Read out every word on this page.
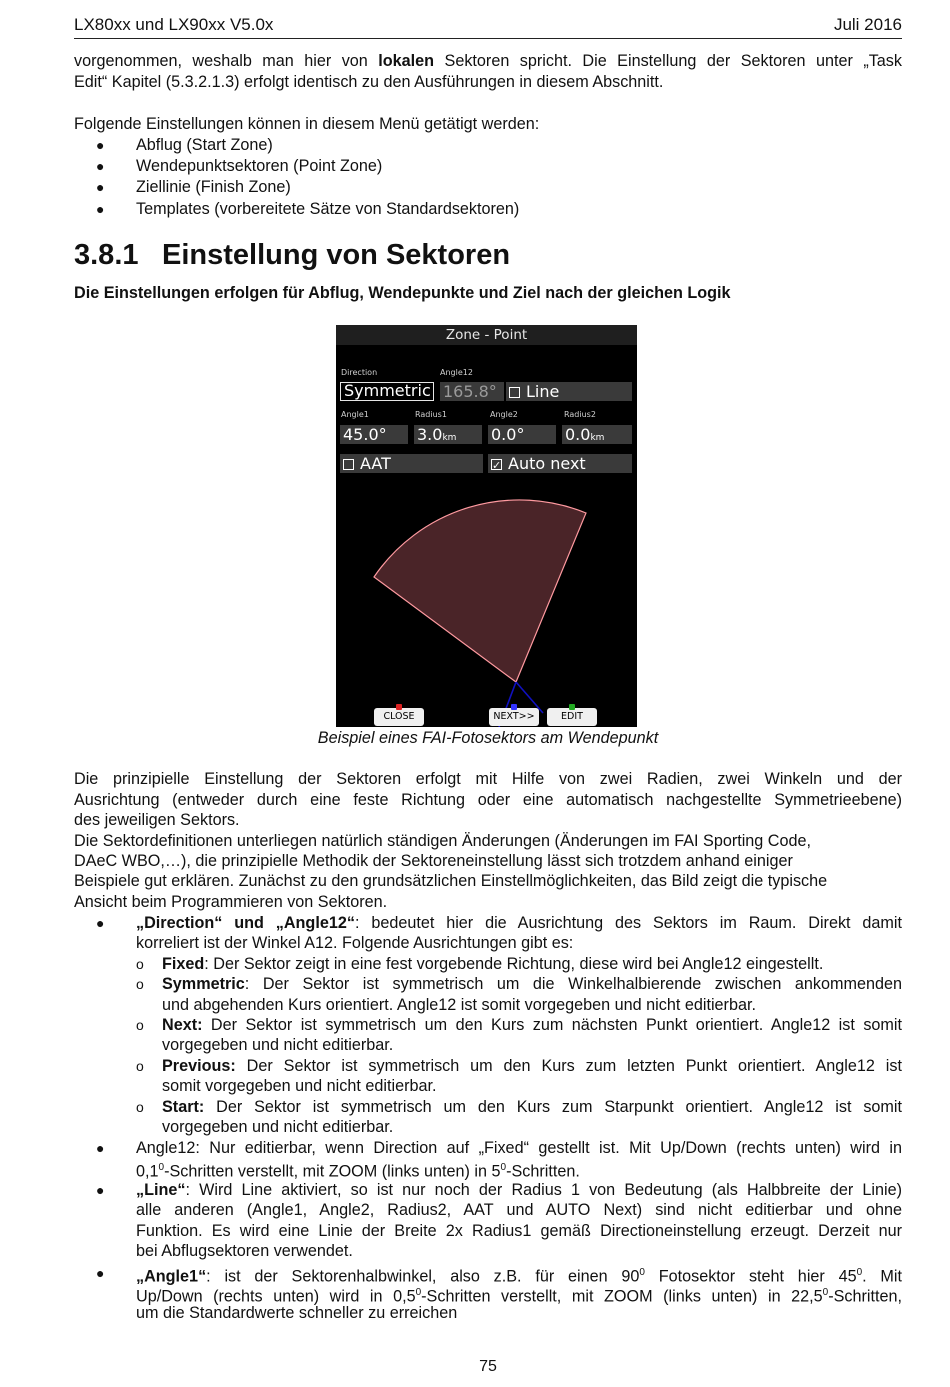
LX80xx und LX90xx V5.0x	Juli 2016

vorgenommen, weshalb man hier von lokalen Sektoren spricht. Die Einstellung der Sektoren unter „Task

Edit“ Kapitel (5.3.2.1.3) erfolgt identisch zu den Ausführungen in diesem Abschnitt.

Folgende Einstellungen können in diesem Menü getätigt werden:

● Abflug (Start Zone)
● Wendepunktsektoren (Point Zone)
● Ziellinie (Finish Zone)
● Templates (vorbereitete Sätze von Standardsektoren)
3.8.1 Einstellung von Sektoren
Die Einstellungen erfolgen für Abflug, Wendepunkte und Ziel nach der gleichen Logik
Zone - Point
Direction	Angle12
Symmetric 165.8°	Line
Angle1	Radius1	Angle2	Radius2
45.0°	3.0km	0.0°	0.0km
AAT
✓	Auto next
CLOSE	NEXT>>	EDIT
Beispiel eines FAI-Fotosektors am Wendepunkt

Die prinzipielle Einstellung der Sektoren erfolgt mit Hilfe von zwei Radien, zwei Winkeln und der

Ausrichtung (entweder durch eine feste Richtung oder eine automatisch nachgestellte Symmetrieebene)

des jeweiligen Sektors.

Die Sektordefinitionen unterliegen natürlich ständigen Änderungen (Änderungen im FAI Sporting Code,

DAeC WBO,…), die prinzipielle Methodik der Sektoreneinstellung lässt sich trotzdem anhand einiger

Beispiele gut erklären. Zunächst zu den grundsätzlichen Einstellmöglichkeiten, das Bild zeigt die typische

Ansicht beim Programmieren von Sektoren.

● „Direction“ und „Angle12“: bedeutet hier die Ausrichtung des Sektors im Raum. Direkt damit
korreliert ist der Winkel A12. Folgende Ausrichtungen gibt es:
o Fixed: Der Sektor zeigt in eine fest vorgebende Richtung, diese wird bei Angle12 eingestellt.
o Symmetric: Der Sektor ist symmetrisch um die Winkelhalbierende zwischen ankommenden
und abgehenden Kurs orientiert. Angle12 ist somit vorgegeben und nicht editierbar.
o Next: Der Sektor ist symmetrisch um den Kurs zum nächsten Punkt orientiert. Angle12 ist somit
vorgegeben und nicht editierbar.
o Previous: Der Sektor ist symmetrisch um den Kurs zum letzten Punkt orientiert. Angle12 ist
somit vorgegeben und nicht editierbar.
o Start: Der Sektor ist symmetrisch um den Kurs zum Starpunkt orientiert. Angle12 ist somit
vorgegeben und nicht editierbar.
● Angle12: Nur editierbar, wenn Direction auf „Fixed“ gestellt ist. Mit Up/Down (rechts unten) wird in
$0,1^0$-Schritten verstellt, mit ZOOM (links unten) in $5^0$-Schritten.
● „Line“: Wird Line aktiviert, so ist nur noch der Radius 1 von Bedeutung (als Halbbreite der Linie)
alle anderen (Angle1, Angle2, Radius2, AAT und AUTO Next) sind nicht editierbar und ohne
Funktion. Es wird eine Linie der Breite 2x Radius1 gemäß Directioneinstellung erzeugt. Derzeit nur
bei Abflugsektoren verwendet.
● „Angle1“: ist der Sektorenhalbwinkel, also z.B. für einen $90^0$ Fotosektor steht hier $45^0$. Mit
Up/Down (rechts unten) wird in $0,5^0$-Schritten verstellt, mit ZOOM (links unten) in 22,5$^0$-Schritten,
um die Standardwerte schneller zu erreichen
75
